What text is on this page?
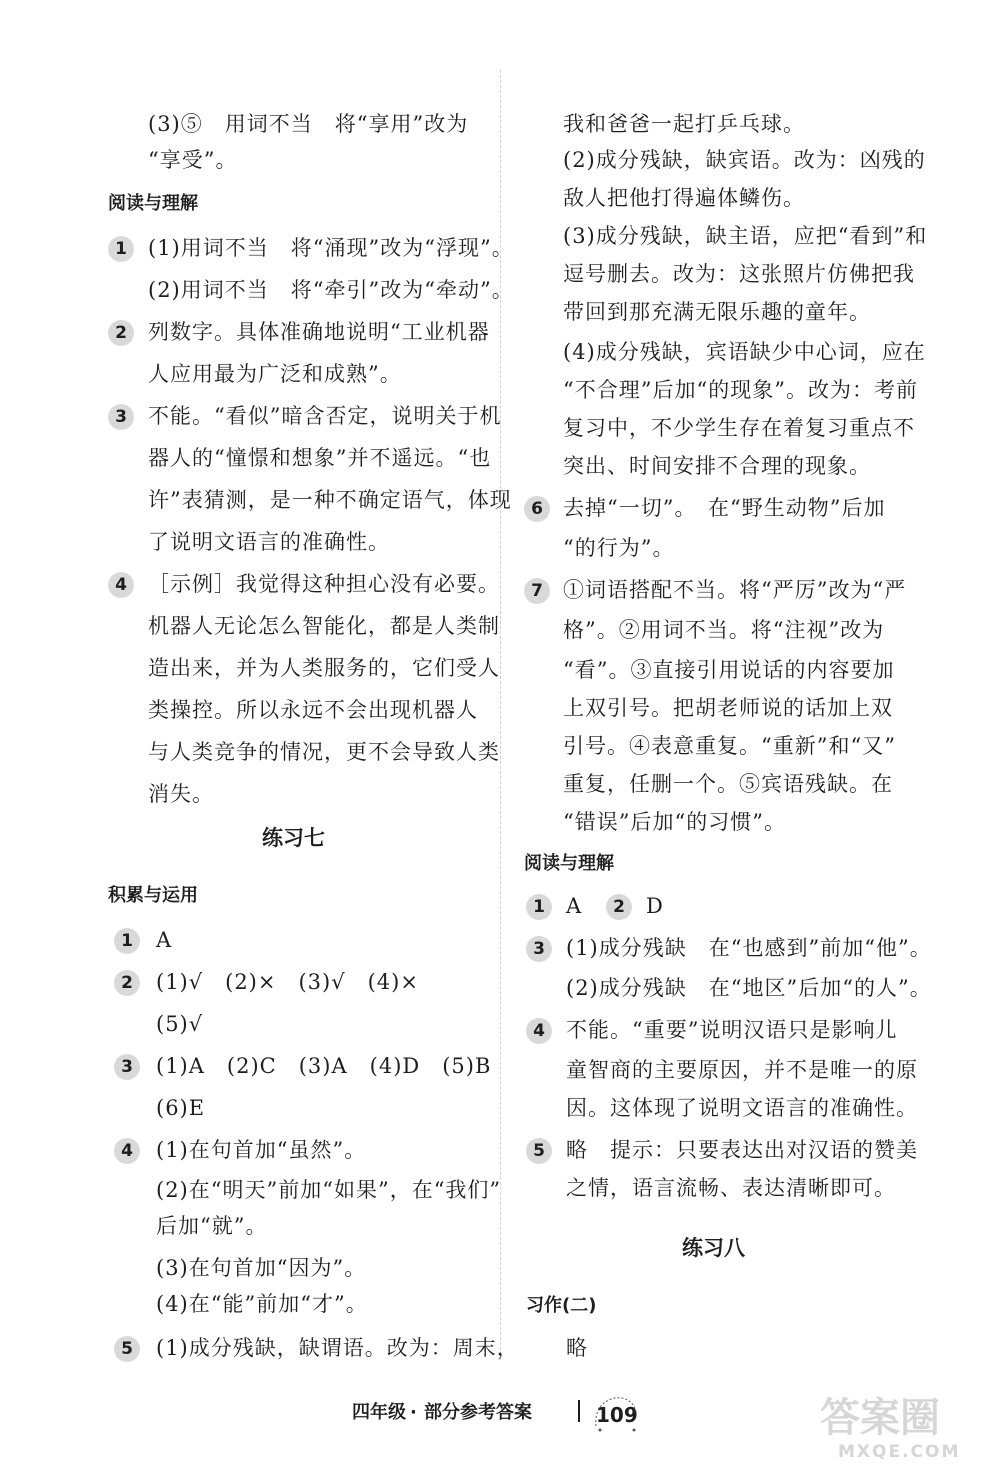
(3)⑤　用词不当　将“享用”改为
“享受”。
阅读与理解
1	(1)用词不当　将“涌现”改为“浮现”。
(2)用词不当　将“牵引”改为“牵动”。
2	列数字。具体准确地说明“工业机器
人应用最为广泛和成熟”。
3	不能。“看似”暗含否定，说明关于机
器人的“憧憬和想象”并不遥远。“也
许”表猜测，是一种不确定语气，体现
了说明文语言的准确性。
4	［示例］我觉得这种担心没有必要。
机器人无论怎么智能化，都是人类制
造出来，并为人类服务的，它们受人
类操控。所以永远不会出现机器人
与人类竞争的情况，更不会导致人类
消失。
练习七
积累与运用
1	A
2	(1)√　(2)×　(3)√　(4)×
(5)√
3	(1)A　(2)C　(3)A　(4)D　(5)B
(6)E
4	(1)在句首加“虽然”。
(2)在“明天”前加“如果”，在“我们”
后加“就”。
(3)在句首加“因为”。
(4)在“能”前加“才”。
5	(1)成分残缺，缺谓语。改为：周末，
我和爸爸一起打乒乓球。
(2)成分残缺，缺宾语。改为：凶残的
敌人把他打得遍体鳞伤。
(3)成分残缺，缺主语，应把“看到”和
逗号删去。改为：这张照片仿佛把我
带回到那充满无限乐趣的童年。
(4)成分残缺，宾语缺少中心词，应在
“不合理”后加“的现象”。改为：考前
复习中，不少学生存在着复习重点不
突出、时间安排不合理的现象。
6 去掉“一切”。　在“野生动物”后加
“的行为”。
7 ①词语搭配不当。将“严厉”改为“严
格”。②用词不当。将“注视”改为
“看”。③直接引用说话的内容要加
上双引号。把胡老师说的话加上双
引号。④表意重复。“重新”和“又”
重复，任删一个。⑤宾语残缺。在
“错误”后加“的习惯”。
阅读与理解
1	A	2	D
3	(1)成分残缺　在“也感到”前加“他”。
(2)成分残缺　在“地区”后加“的人”。
4	不能。“重要”说明汉语只是影响儿
童智商的主要原因，并不是唯一的原
因。这体现了说明文语言的准确性。
5	略　提示：只要表达出对汉语的赞美
之情，语言流畅、表达清晰即可。
练习八
习作(二)
略
四年级 · 部分参考答案	109	答案圈
MXQE.COM
